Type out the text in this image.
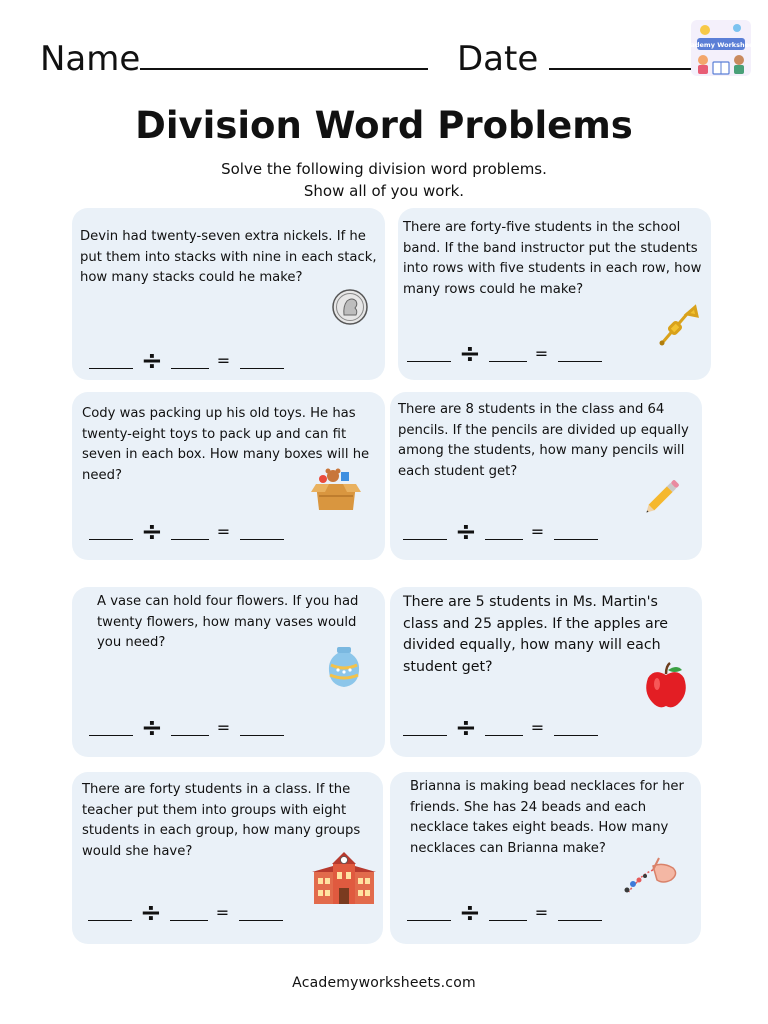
Name	Date	Academy Worksheets
Division Word Problems
Solve the following division word problems.
Show all of you work.
Devin had twenty-seven extra nickels. If he put them into stacks with nine in each stack, how many stacks could he make?
÷	=
There are forty-five students in the school band. If the band instructor put the students into rows with five students in each row, how many rows could he make?
÷	=
Cody was packing up his old toys. He has twenty-eight toys to pack up and can fit seven in each box. How many boxes will he need?
÷	=
There are 8 students in the class and 64 pencils. If the pencils are divided up equally among the students, how many pencils will each student get?
÷	=
A vase can hold four flowers. If you had twenty flowers, how many vases would you need?
÷	=
There are 5 students in Ms. Martin's class and 25 apples. If the apples are divided equally, how many will each student get?
÷	=
There are forty students in a class. If the teacher put them into groups with eight students in each group, how many groups would she have?
÷	=
Brianna is making bead necklaces for her friends. She has 24 beads and each necklace takes eight beads. How many necklaces can Brianna make?
÷	=
Academyworksheets.com
